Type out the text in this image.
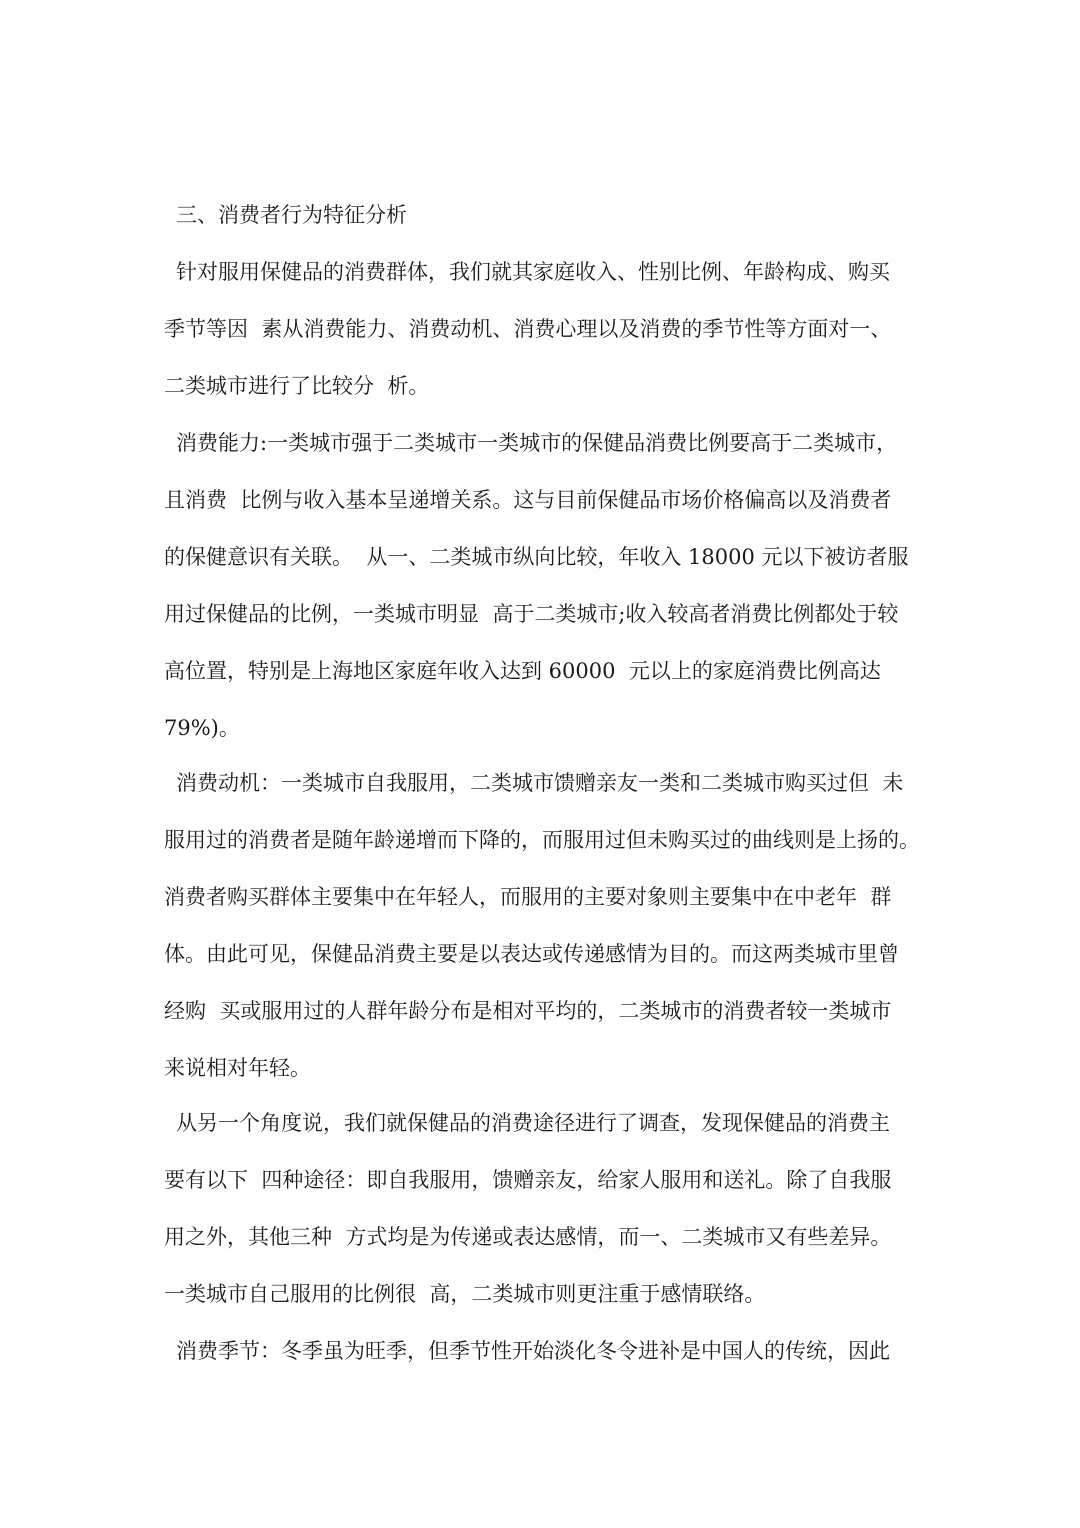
三、消费者行为特征分析

针对服用保健品的消费群体，我们就其家庭收入、性别比例、年龄构成、购买

季节等因  素从消费能力、消费动机、消费心理以及消费的季节性等方面对一、

二类城市进行了比较分  析。

消费能力:一类城市强于二类城市一类城市的保健品消费比例要高于二类城市，

且消费  比例与收入基本呈递增关系。这与目前保健品市场价格偏高以及消费者

的保健意识有关联。  从一、二类城市纵向比较，年收入 18000 元以下被访者服

用过保健品的比例，一类城市明显  高于二类城市;收入较高者消费比例都处于较

高位置，特别是上海地区家庭年收入达到 60000  元以上的家庭消费比例高达

79%)。

消费动机：一类城市自我服用，二类城市馈赠亲友一类和二类城市购买过但  未

服用过的消费者是随年龄递增而下降的，而服用过但未购买过的曲线则是上扬的。

消费者购买群体主要集中在年轻人，而服用的主要对象则主要集中在中老年  群

体。由此可见，保健品消费主要是以表达或传递感情为目的。而这两类城市里曾

经购  买或服用过的人群年龄分布是相对平均的，二类城市的消费者较一类城市

来说相对年轻。

从另一个角度说，我们就保健品的消费途径进行了调查，发现保健品的消费主

要有以下  四种途径：即自我服用，馈赠亲友，给家人服用和送礼。除了自我服

用之外，其他三种  方式均是为传递或表达感情，而一、二类城市又有些差异。

一类城市自己服用的比例很  高，二类城市则更注重于感情联络。

消费季节：冬季虽为旺季，但季节性开始淡化冬令进补是中国人的传统，因此
